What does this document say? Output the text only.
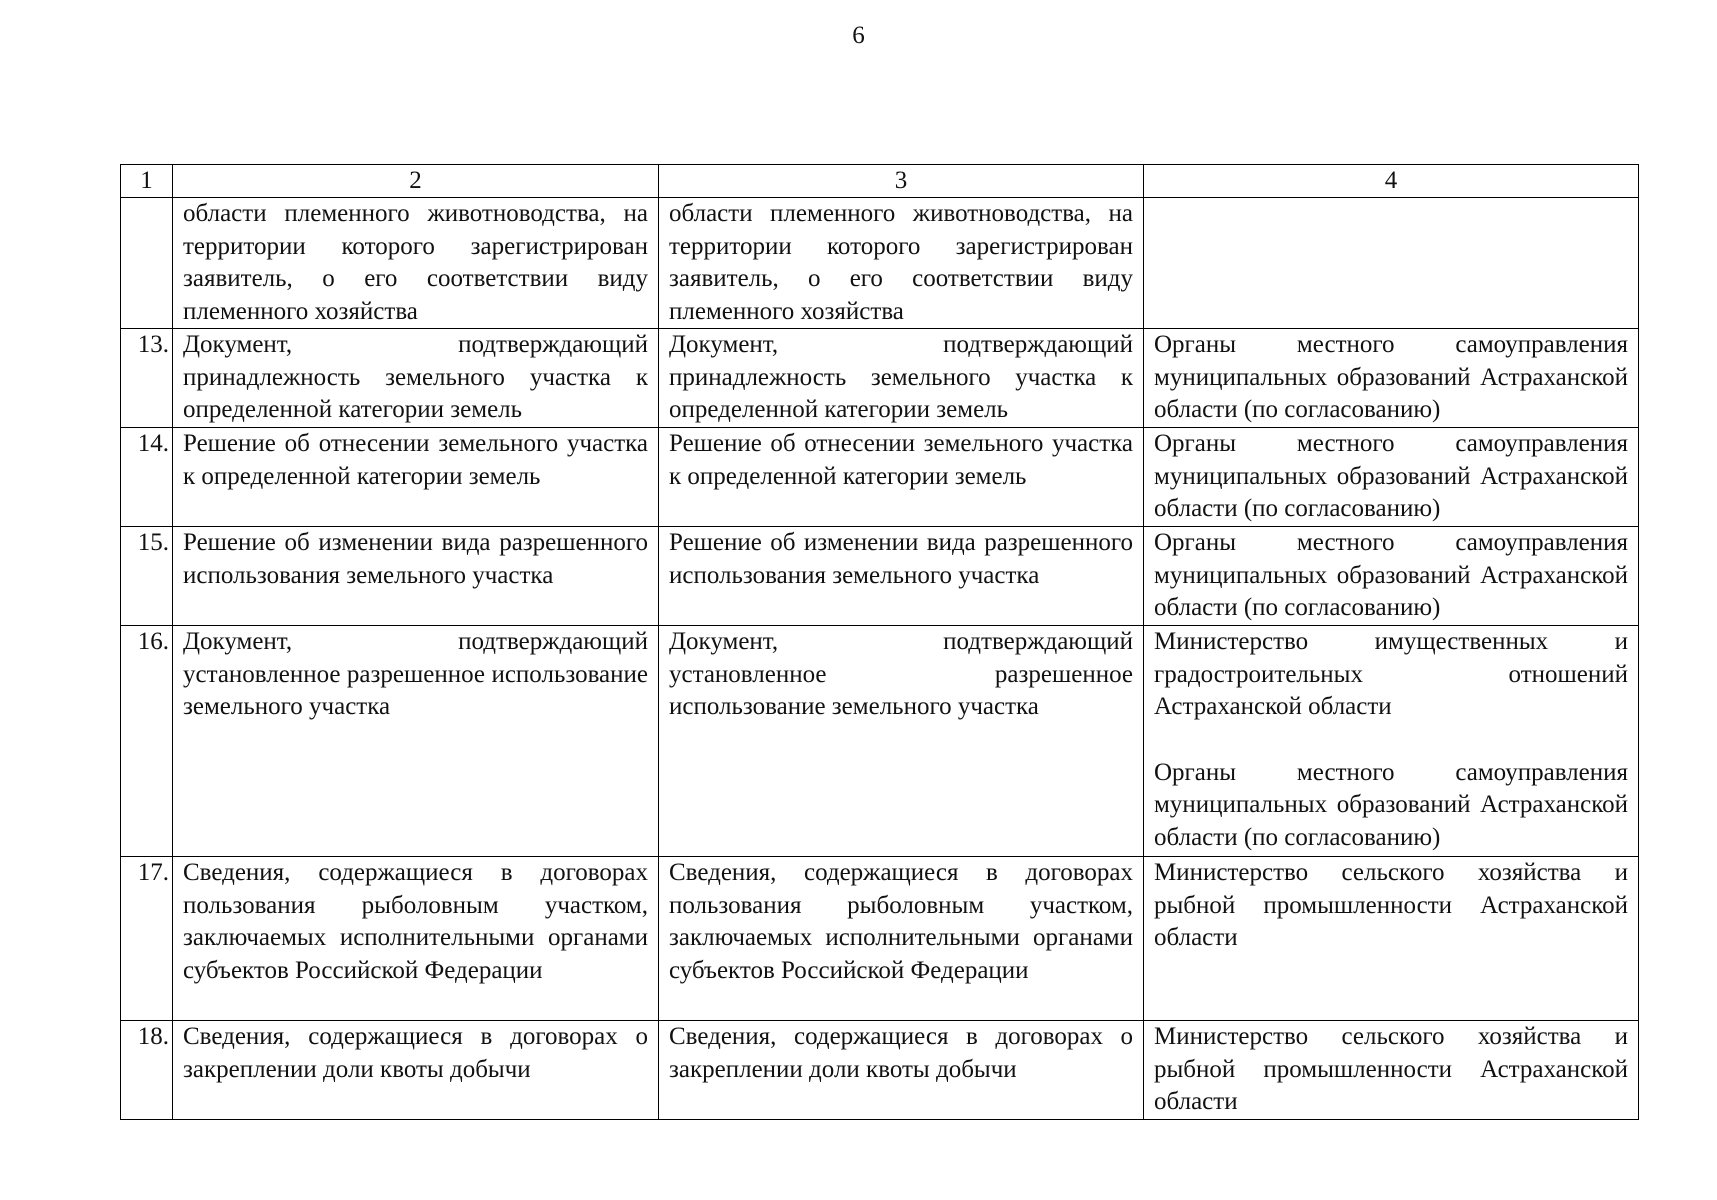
6
1	2	3	4
	области племенного животноводства, на территории которого зарегистрирован заявитель, о его соответствии виду племенного хозяйства	области племенного животноводства, на территории которого зарегистрирован заявитель, о его соответствии виду племенного хозяйства	
13.	Документ, подтверждающий принадлежность земельного участка к определенной категории земель	Документ, подтверждающий принадлежность земельного участка к определенной категории земель	Органы местного самоуправления муниципальных образований Астраханской области (по согласованию)

14.	Решение об отнесении земельного участка к определенной категории земель	Решение об отнесении земельного участка к определенной категории земель	Органы местного самоуправления муниципальных образований Астраханской области (по согласованию)

15.	Решение об изменении вида разрешенного использования земельного участка	Решение об изменении вида разрешенного использования земельного участка	Органы местного самоуправления муниципальных образований Астраханской области (по согласованию)

16.	Документ, подтверждающий установленное разрешенное использование земельного участка	Документ, подтверждающий установленное разрешенное использование земельного участка	Министерство имущественных и градостроительных отношений Астраханской области
Органы местного самоуправления муниципальных образований Астраханской области (по согласованию)

17.	Сведения, содержащиеся в договорах пользования рыболовным участком, заключаемых исполнительными органами субъектов Российской Федерации	Сведения, содержащиеся в договорах пользования рыболовным участком, заключаемых исполнительными органами субъектов Российской Федерации	Министерство сельского хозяйства и рыбной промышленности Астраханской области

18.	Сведения, содержащиеся в договорах о закреплении доли квоты добычи	Сведения, содержащиеся в договорах о закреплении доли квоты добычи	Министерство сельского хозяйства и рыбной промышленности Астраханской области
